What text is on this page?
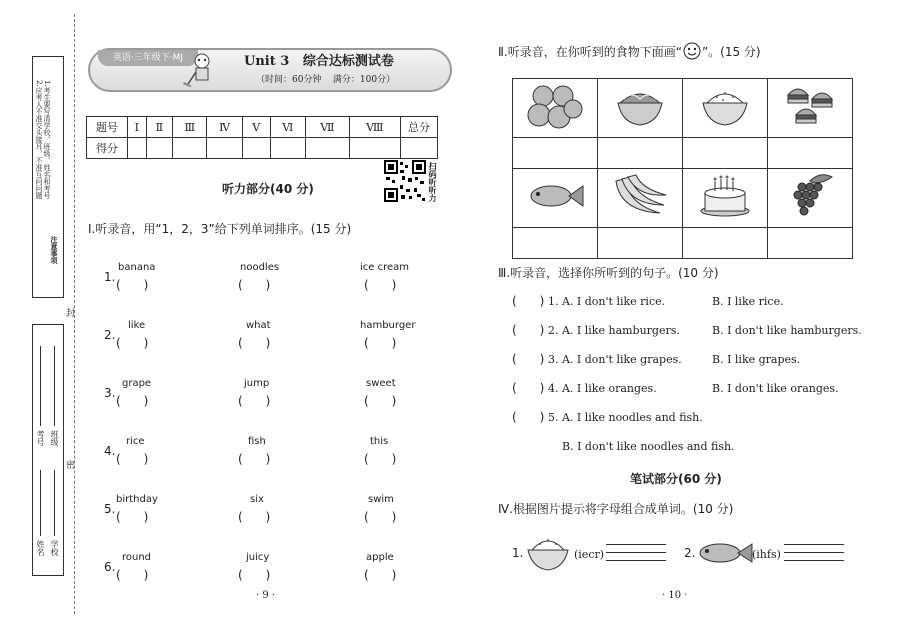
注意事项
1.考生要写清学校、班级、姓名和考号
2.应考人不准交头接耳，不准互问问题
封
密
学校
班级
姓名
考号
英语·三年级下·MJ	Unit 3   综合达标测试卷
（时间：60分钟    满分：100分）
题号	Ⅰ	Ⅱ	Ⅲ	Ⅳ	Ⅴ	Ⅵ	Ⅶ	Ⅷ	总分
得分									
扫码听听力
听力部分(40 分)
Ⅰ.听录音，用“1，2，3”给下列单词排序。(15 分)
1.
banana
(      )
noodles
(      )
ice cream
(      )
2.
like
(      )
what
(      )
hamburger
(      )
3.
grape
(      )
jump
(      )
sweet
(      )
4.
rice
(      )
fish
(      )
this
(      )
5.
birthday
(      )
six
(      )
swim
(      )
6.
round
(      )
juicy
(      )
apple
(      )
· 9 ·
Ⅱ.听录音，在你听到的食物下面画“ ”。(15 分)

Ⅲ.听录音，选择你所听到的句子。(10 分)
(      ) 1. A. I don't like rice.	B. I like rice.
(      ) 2. A. I like hamburgers.	B. I don't like hamburgers.
(      ) 3. A. I don't like grapes.	B. I like grapes.
(      ) 4. A. I like oranges.	B. I don't like oranges.
(      ) 5. A. I like noodles and fish.
B. I don't like noodles and fish.
笔试部分(60 分)
Ⅳ.根据图片提示将字母组合成单词。(10 分)
1.	(iecr)	2.	(ihfs)
· 10 ·
